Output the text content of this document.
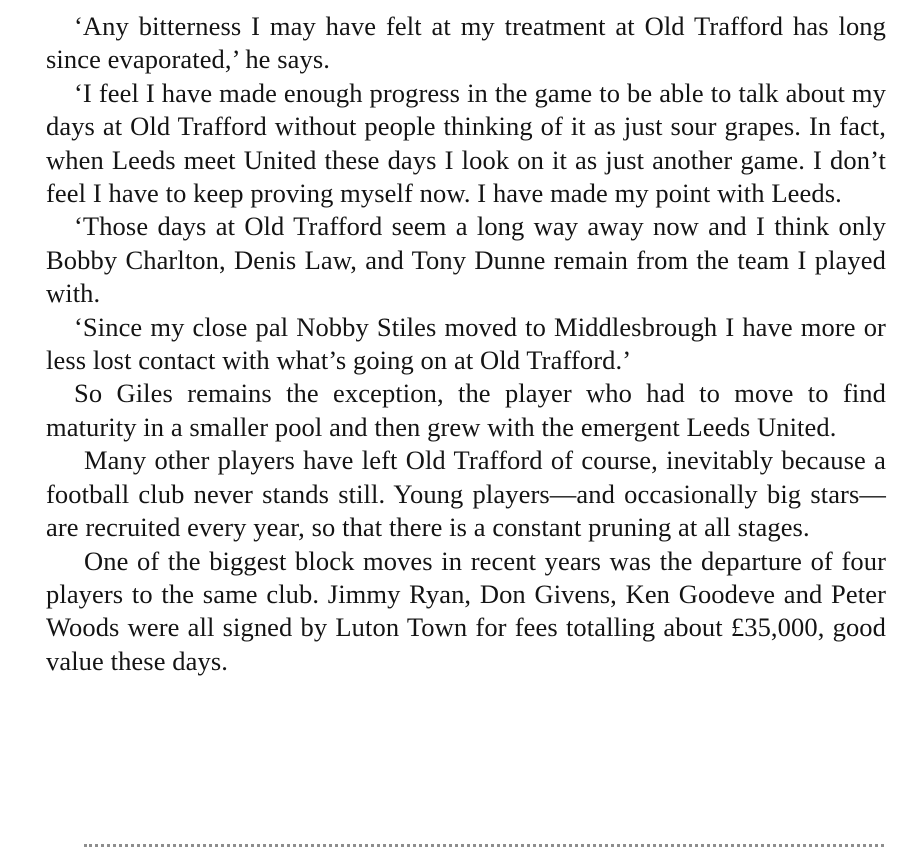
‘Any bitterness I may have felt at my treatment at Old Trafford has long since evaporated,’ he says.

‘I feel I have made enough progress in the game to be able to talk about my days at Old Trafford without people thinking of it as just sour grapes. In fact, when Leeds meet United these days I look on it as just another game. I don’t feel I have to keep proving myself now. I have made my point with Leeds.

‘Those days at Old Trafford seem a long way away now and I think only Bobby Charlton, Denis Law, and Tony Dunne remain from the team I played with.

‘Since my close pal Nobby Stiles moved to Middlesbrough I have more or less lost contact with what’s going on at Old Trafford.’

So Giles remains the exception, the player who had to move to find maturity in a smaller pool and then grew with the emergent Leeds United.

Many other players have left Old Trafford of course, inevitably because a football club never stands still. Young players—and occasionally big stars—are recruited every year, so that there is a constant pruning at all stages.

One of the biggest block moves in recent years was the departure of four players to the same club. Jimmy Ryan, Don Givens, Ken Goodeve and Peter Woods were all signed by Luton Town for fees totalling about £35,000, good value these days.
